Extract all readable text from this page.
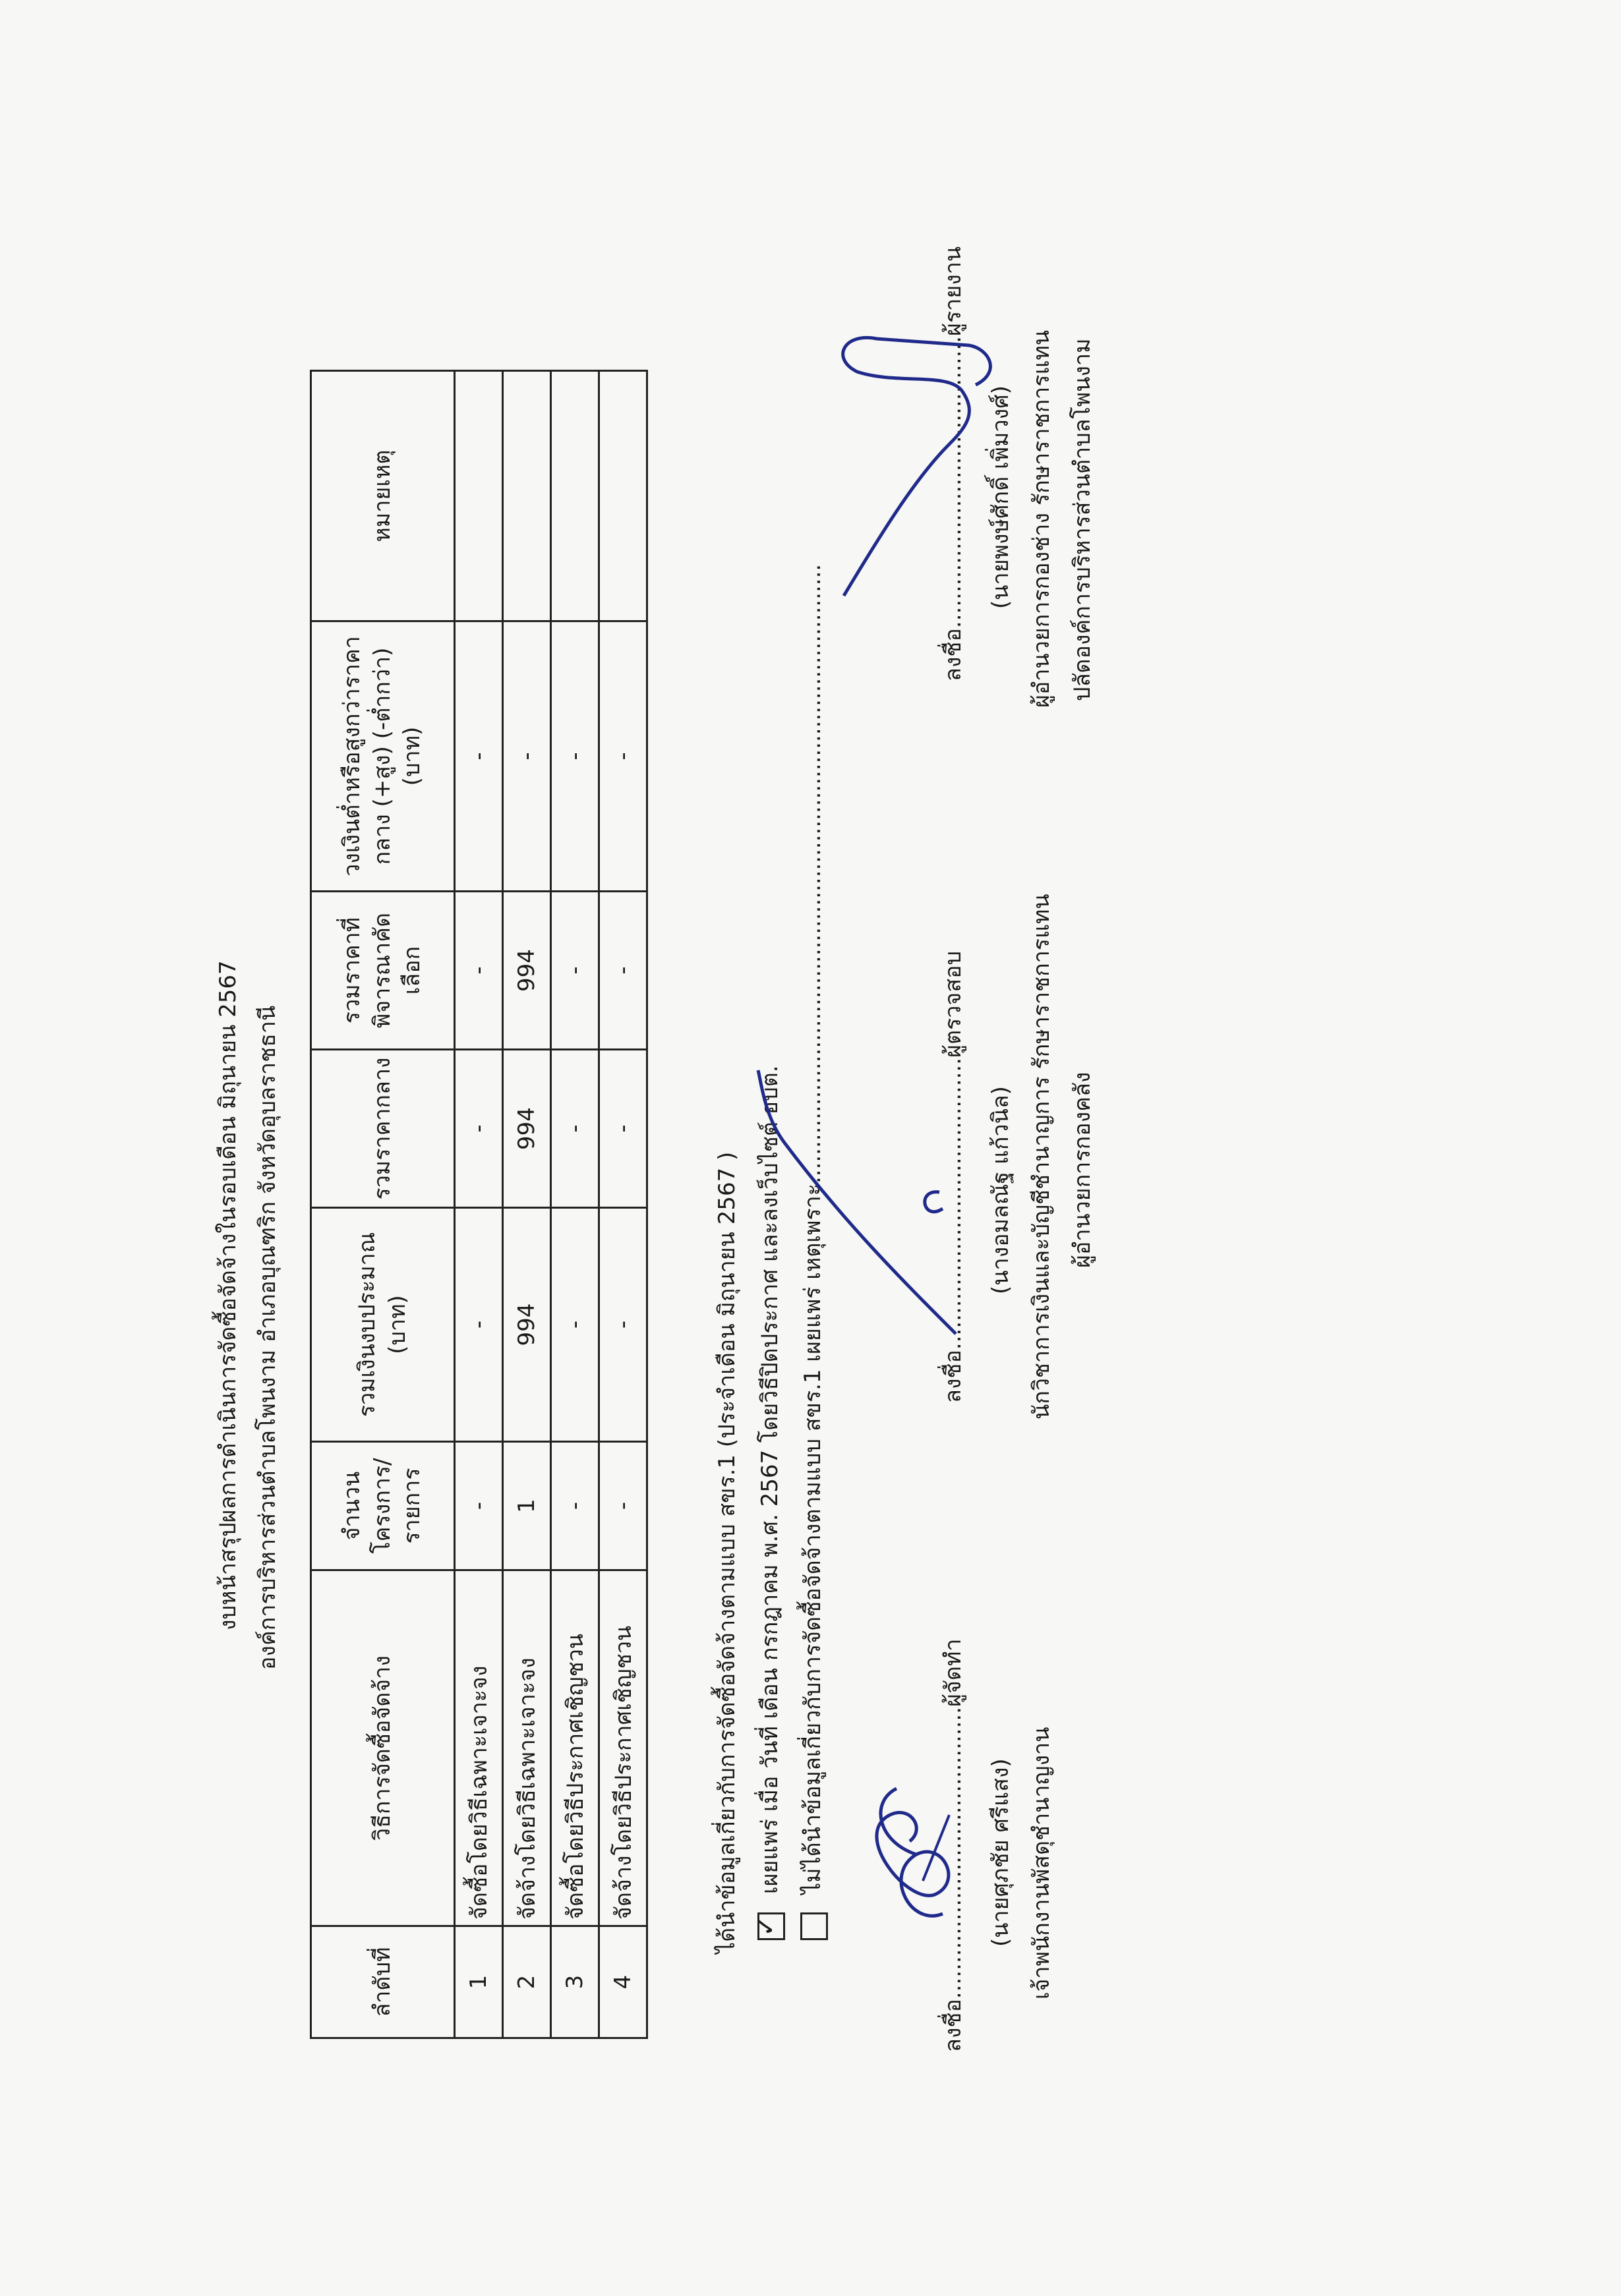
งบหน้าสรุปผลการดำเนินการจัดซื้อจัดจ้างในรอบเดือน มิถุนายน 2567 องค์การบริหารส่วนตำบลโพนงาม อำเภอบุณฑริก จังหวัดอุบลราชธานี
ลำดับที่	วิธีการจัดซื้อจัดจ้าง	จำนวนโครงการ/รายการ	รวมเงินงบประมาณ (บาท)	รวมราคากลาง	รวมราคาที่พิจารณาคัดเลือก	วงเงินต่ำหรือสูงกว่าราคากลาง (+สูง) (-ต่ำกว่า) (บาท)	หมายเหตุ
1	จัดซื้อโดยวิธีเฉพาะเจาะจง	-	-	-	-	-	
2	จัดจ้างโดยวิธีเฉพาะเจาะจง	1	994	994	994	-	
3	จัดซื้อโดยวิธีประกาศเชิญชวน	-	-	-	-	-	
4	จัดจ้างโดยวิธีประกาศเชิญชวน	-	-	-	-	-	
ได้นำข้อมูลเกี่ยวกับการจัดซื้อจัดจ้างตามแบบ สขร.1 (ประจำเดือน มิถุนายน 2567 ) ✓
เผยแพร่ เมื่อ วันที่ เดือน กรกฎาคม พ.ศ. 2567 โดยวิธีปิดประกาศ และลงเว็บไซต์ อบต. ไม่ได้นำข้อมูลเกี่ยวกับการจัดซื้อจัดจ้างตามแบบ สขร.1 เผยแพร่ เหตุเพราะ.......................................................................................	ลงชื่อ.........................................ผู้จัดทำ (นายศุภชัย ศรีแสง) เจ้าพนักงานพัสดุชำนาญงาน
ลงชื่อ.........................................ผู้ตรวจสอบ (นางอมลณัฐ แก้วนิล) นักวิชาการเงินและบัญชีชำนาญการ รักษาราชการแทน ผู้อำนวยการกองคลัง
ลงชื่อ.........................................ผู้รายงาน (นายพงษ์ศักดิ์ เพิ่มวงศ์) ผู้อำนวยการกองช่าง รักษาราชการแทน ปลัดองค์การบริหารส่วนตำบลโพนงาม
